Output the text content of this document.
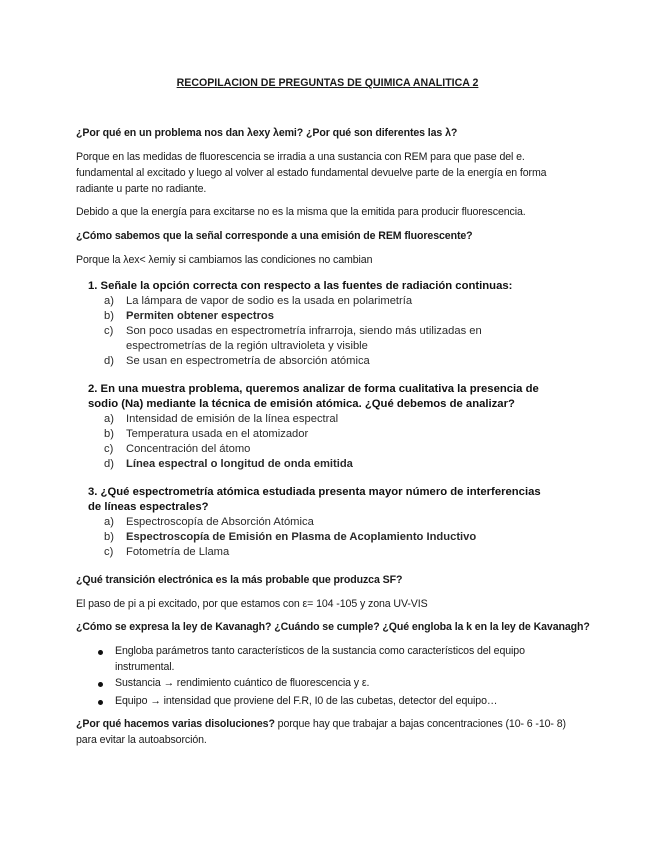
RECOPILACION DE PREGUNTAS DE QUIMICA ANALITICA 2

¿Por qué en un problema nos dan λexy λemi? ¿Por qué son diferentes las λ?

Porque en las medidas de fluorescencia se irradia a una sustancia con REM para que pase del e.

fundamental al excitado y luego al volver al estado fundamental devuelve parte de la energía en forma

radiante u parte no radiante.

Debido a que la energía para excitarse no es la misma que la emitida para producir fluorescencia.

¿Cómo sabemos que la señal corresponde a una emisión de REM fluorescente?

Porque la λex< λemiy si cambiamos las condiciones no cambian

1. Señale la opción correcta con respecto a las fuentes de radiación continuas:

a) La lámpara de vapor de sodio es la usada en polarimetría

b) Permiten obtener espectros

c) Son poco usadas en espectrometría infrarroja, siendo más utilizadas en

espectrometrías de la región ultravioleta y visible

d) Se usan en espectrometría de absorción atómica

2. En una muestra problema, queremos analizar de forma cualitativa la presencia de

sodio (Na) mediante la técnica de emisión atómica. ¿Qué debemos de analizar?

a) Intensidad de emisión de la línea espectral

b) Temperatura usada en el atomizador

c) Concentración del átomo

d) Línea espectral o longitud de onda emitida

3. ¿Qué espectrometría atómica estudiada presenta mayor número de interferencias

de líneas espectrales?

a) Espectroscopía de Absorción Atómica

b) Espectroscopía de Emisión en Plasma de Acoplamiento Inductivo

c) Fotometría de Llama

¿Qué transición electrónica es la más probable que produzca SF?

El paso de pi a pi excitado, por que estamos con ε= 104 -105 y zona UV-VIS

¿Cómo se expresa la ley de Kavanagh? ¿Cuándo se cumple? ¿Qué engloba la k en la ley de Kavanagh?

Engloba parámetros tanto característicos de la sustancia como característicos del equipo

instrumental.

Sustancia → rendimiento cuántico de fluorescencia y ε.

Equipo → intensidad que proviene del F.R, I0 de las cubetas, detector del equipo…

¿Por qué hacemos varias disoluciones? porque hay que trabajar a bajas concentraciones (10- 6 -10- 8)

para evitar la autoabsorción.
